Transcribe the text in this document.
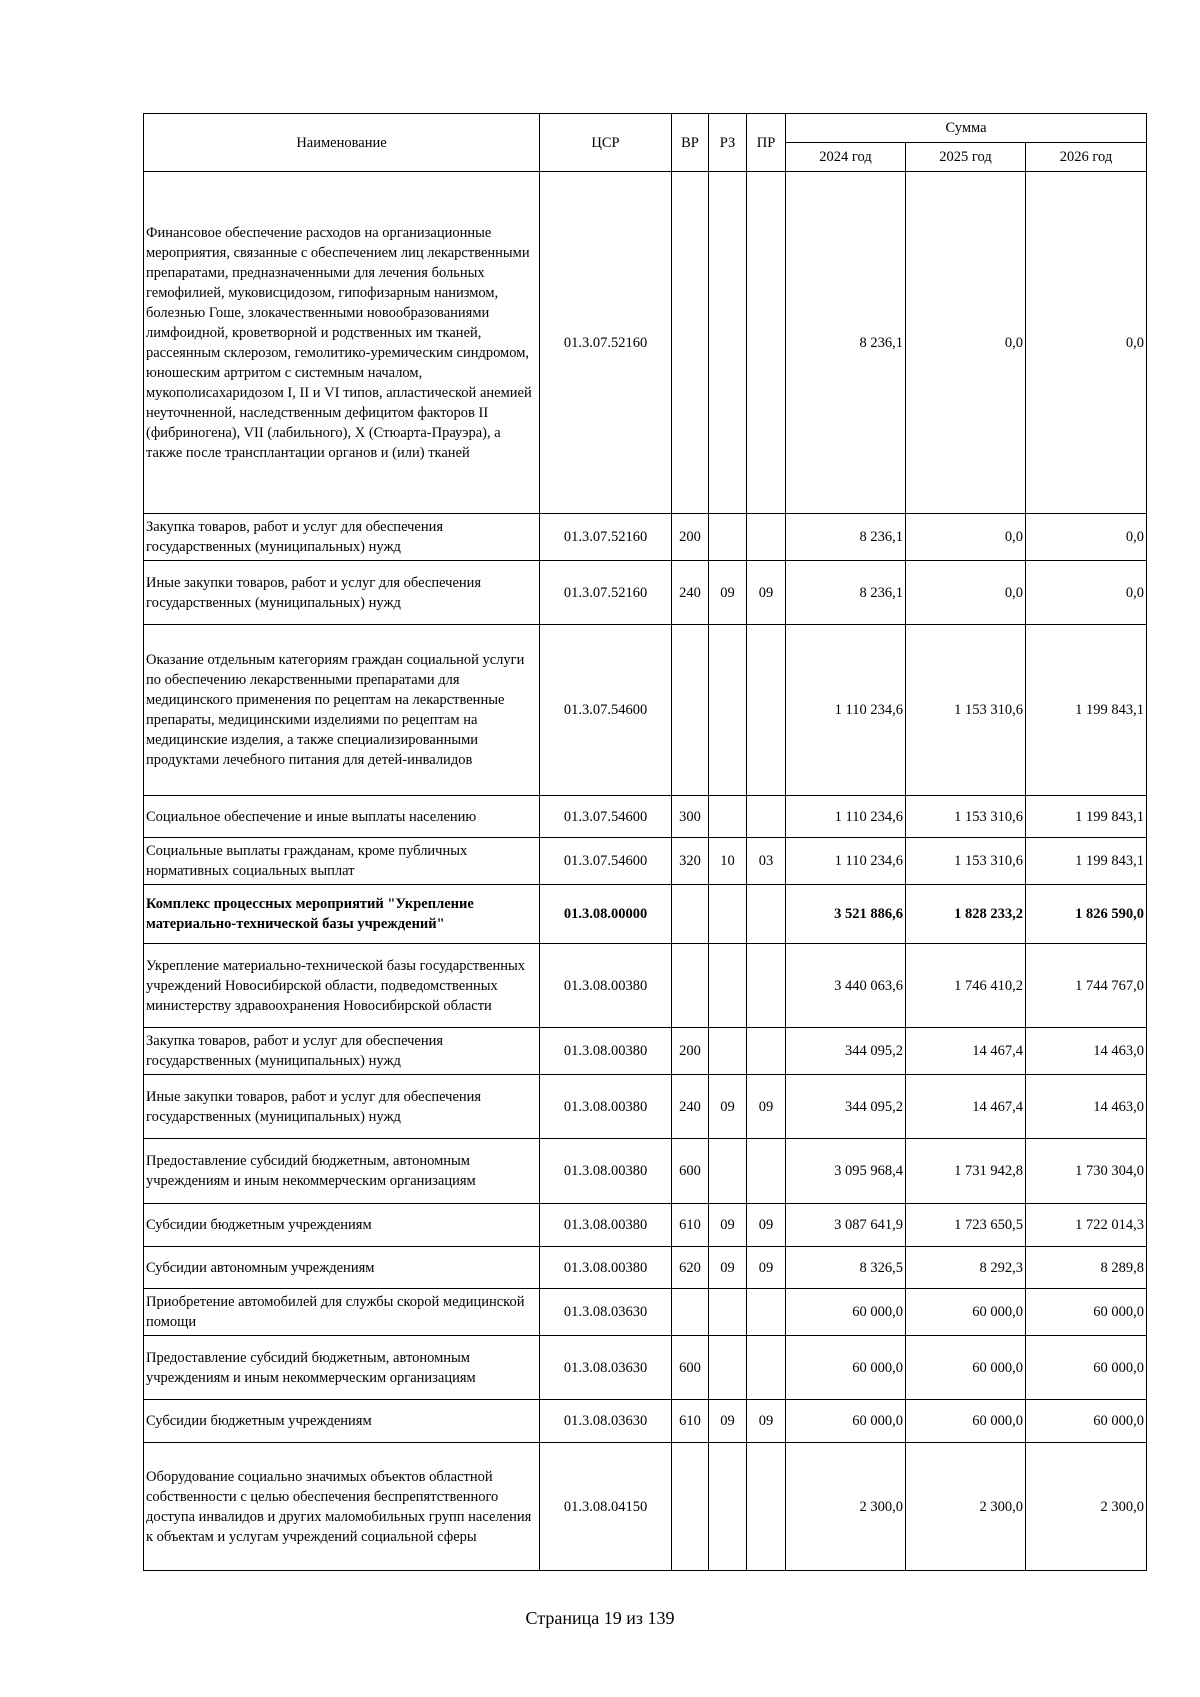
Наименование	ЦСР	ВР	РЗ	ПР	Сумма		
					2024 год	2025 год	2026 год
Финансовое обеспечение расходов на организационные мероприятия, связанные с обеспечением лиц лекарственными препаратами, предназначенными для лечения больных гемофилией, муковисцидозом, гипофизарным нанизмом, болезнью Гоше, злокачественными новообразованиями лимфоидной, кроветворной и родственных им тканей, рассеянным склерозом, гемолитико-уремическим синдромом, юношеским артритом с системным началом, мукополисахаридозом I, II и VI типов, апластической анемией неуточненной, наследственным дефицитом факторов II (фибриногена), VII (лабильного), X (Стюарта-Прауэра), а также после трансплантации органов и (или) тканей	01.3.07.52160				8 236,1	0,0	0,0
Закупка товаров, работ и услуг для обеспечения государственных (муниципальных) нужд	01.3.07.52160	200			8 236,1	0,0	0,0
Иные закупки товаров, работ и услуг для обеспечения государственных (муниципальных) нужд	01.3.07.52160	240	09	09	8 236,1	0,0	0,0
Оказание отдельным категориям граждан социальной услуги по обеспечению лекарственными препаратами для медицинского применения по рецептам на лекарственные препараты, медицинскими изделиями по рецептам на медицинские изделия, а также специализированными продуктами лечебного питания для детей-инвалидов	01.3.07.54600				1 110 234,6	1 153 310,6	1 199 843,1
Социальное обеспечение и иные выплаты населению	01.3.07.54600	300			1 110 234,6	1 153 310,6	1 199 843,1
Социальные выплаты гражданам, кроме публичных нормативных социальных выплат	01.3.07.54600	320	10	03	1 110 234,6	1 153 310,6	1 199 843,1
Комплекс процессных мероприятий "Укрепление материально-технической базы учреждений"	01.3.08.00000				3 521 886,6	1 828 233,2	1 826 590,0
Укрепление материально-технической базы государственных учреждений Новосибирской области, подведомственных министерству здравоохранения Новосибирской области	01.3.08.00380				3 440 063,6	1 746 410,2	1 744 767,0
Закупка товаров, работ и услуг для обеспечения государственных (муниципальных) нужд	01.3.08.00380	200			344 095,2	14 467,4	14 463,0
Иные закупки товаров, работ и услуг для обеспечения государственных (муниципальных) нужд	01.3.08.00380	240	09	09	344 095,2	14 467,4	14 463,0
Предоставление субсидий бюджетным, автономным учреждениям и иным некоммерческим организациям	01.3.08.00380	600			3 095 968,4	1 731 942,8	1 730 304,0
Субсидии бюджетным учреждениям	01.3.08.00380	610	09	09	3 087 641,9	1 723 650,5	1 722 014,3
Субсидии автономным учреждениям	01.3.08.00380	620	09	09	8 326,5	8 292,3	8 289,8
Приобретение автомобилей для службы скорой медицинской помощи	01.3.08.03630				60 000,0	60 000,0	60 000,0
Предоставление субсидий бюджетным, автономным учреждениям и иным некоммерческим организациям	01.3.08.03630	600			60 000,0	60 000,0	60 000,0
Субсидии бюджетным учреждениям	01.3.08.03630	610	09	09	60 000,0	60 000,0	60 000,0
Оборудование социально значимых объектов областной собственности с целью обеспечения беспрепятственного доступа инвалидов и других маломобильных групп населения к объектам и услугам учреждений социальной сферы	01.3.08.04150				2 300,0	2 300,0	2 300,0
Страница 19 из 139
